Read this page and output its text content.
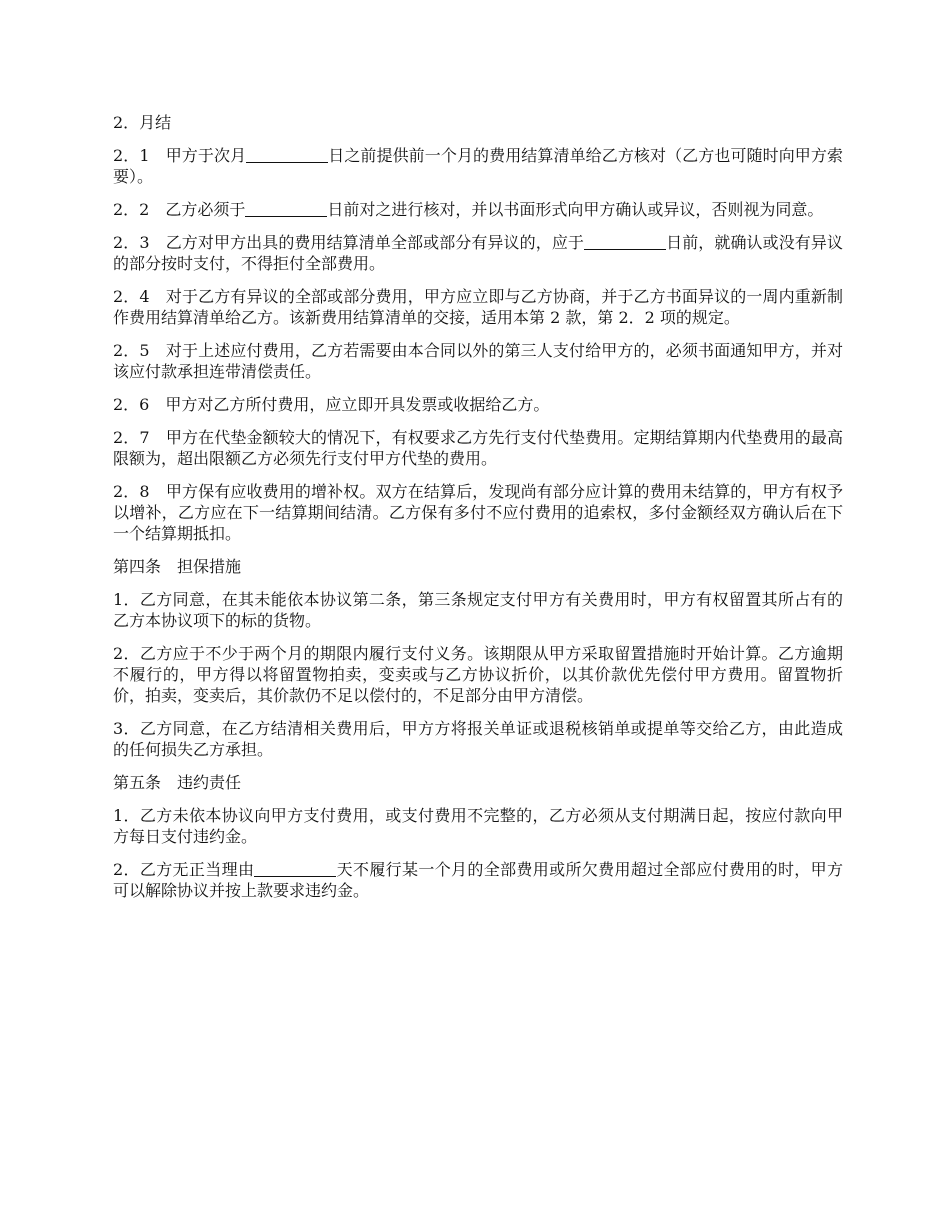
2．月结

2．1　甲方于次月	日之前提供前一个月的费用结算清单给乙方核对（乙方也可随时向甲方索要）。

2．2　乙方必须于	日前对之进行核对，并以书面形式向甲方确认或异议，否则视为同意。

2．3　乙方对甲方出具的费用结算清单全部或部分有异议的，应于	日前，就确认或没有异议的部分按时支付，不得拒付全部费用。

2．4　对于乙方有异议的全部或部分费用，甲方应立即与乙方协商，并于乙方书面异议的一周内重新制作费用结算清单给乙方。该新费用结算清单的交接，适用本第 2 款，第 2．2 项的规定。

2．5　对于上述应付费用，乙方若需要由本合同以外的第三人支付给甲方的，必须书面通知甲方，并对该应付款承担连带清偿责任。

2．6　甲方对乙方所付费用，应立即开具发票或收据给乙方。

2．7　甲方在代垫金额较大的情况下，有权要求乙方先行支付代垫费用。定期结算期内代垫费用的最高限额为，超出限额乙方必须先行支付甲方代垫的费用。

2．8　甲方保有应收费用的增补权。双方在结算后，发现尚有部分应计算的费用未结算的，甲方有权予以增补，乙方应在下一结算期间结清。乙方保有多付不应付费用的追索权，多付金额经双方确认后在下一个结算期抵扣。

第四条　担保措施

1．乙方同意，在其未能依本协议第二条，第三条规定支付甲方有关费用时，甲方有权留置其所占有的乙方本协议项下的标的货物。

2．乙方应于不少于两个月的期限内履行支付义务。该期限从甲方采取留置措施时开始计算。乙方逾期不履行的，甲方得以将留置物拍卖，变卖或与乙方协议折价，以其价款优先偿付甲方费用。留置物折价，拍卖，变卖后，其价款仍不足以偿付的，不足部分由甲方清偿。

3．乙方同意，在乙方结清相关费用后，甲方方将报关单证或退税核销单或提单等交给乙方，由此造成的任何损失乙方承担。

第五条　违约责任

1．乙方未依本协议向甲方支付费用，或支付费用不完整的，乙方必须从支付期满日起，按应付款向甲方每日支付违约金。

2．乙方无正当理由	天不履行某一个月的全部费用或所欠费用超过全部应付费用的时，甲方可以解除协议并按上款要求违约金。
